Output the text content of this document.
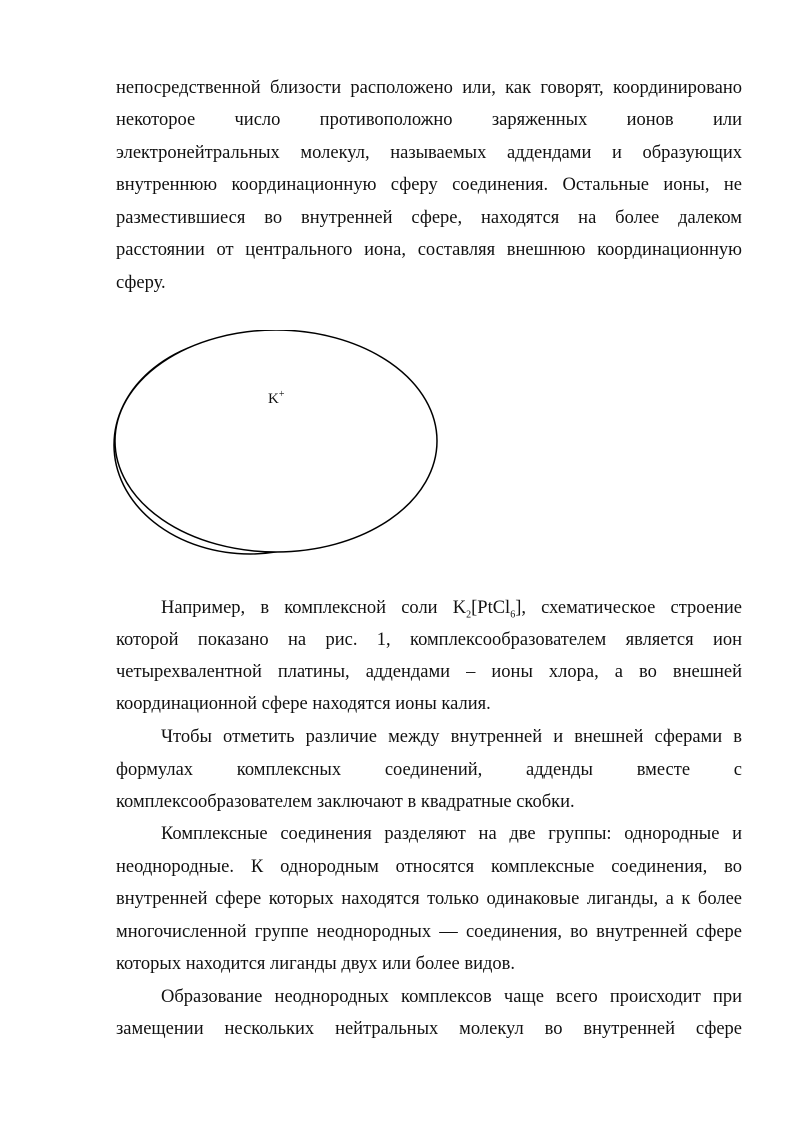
непосредственной близости расположено или, как говорят, координировано
некоторое число противоположно заряженных ионов или
электронейтральных молекул, называемых аддендами и образующих
внутреннюю координационную сферу соединения. Остальные ионы, не
разместившиеся во внутренней сфере, находятся на более далеком
расстоянии от центрального иона, составляя внешнюю координационную
сферу.
K+
Например, в комплексной соли $K_2[PtCl_6]$, схематическое строение
которой показано на рис. 1, комплексообразователем является ион
четырехвалентной платины, аддендами – ионы хлора, а во внешней
координационной сфере находятся ионы калия.
Чтобы отметить различие между внутренней и внешней сферами в
формулах комплексных соединений, адденды вместе с
комплексообразователем заключают в квадратные скобки.
Комплексные соединения разделяют на две группы: однородные и
неоднородные. К однородным относятся комплексные соединения, во
внутренней сфере которых находятся только одинаковые лиганды, а к более
многочисленной группе неоднородных — соединения, во внутренней сфере
которых находится лиганды двух или более видов.
Образование неоднородных комплексов чаще всего происходит при
замещении нескольких нейтральных молекул во внутренней сфере
